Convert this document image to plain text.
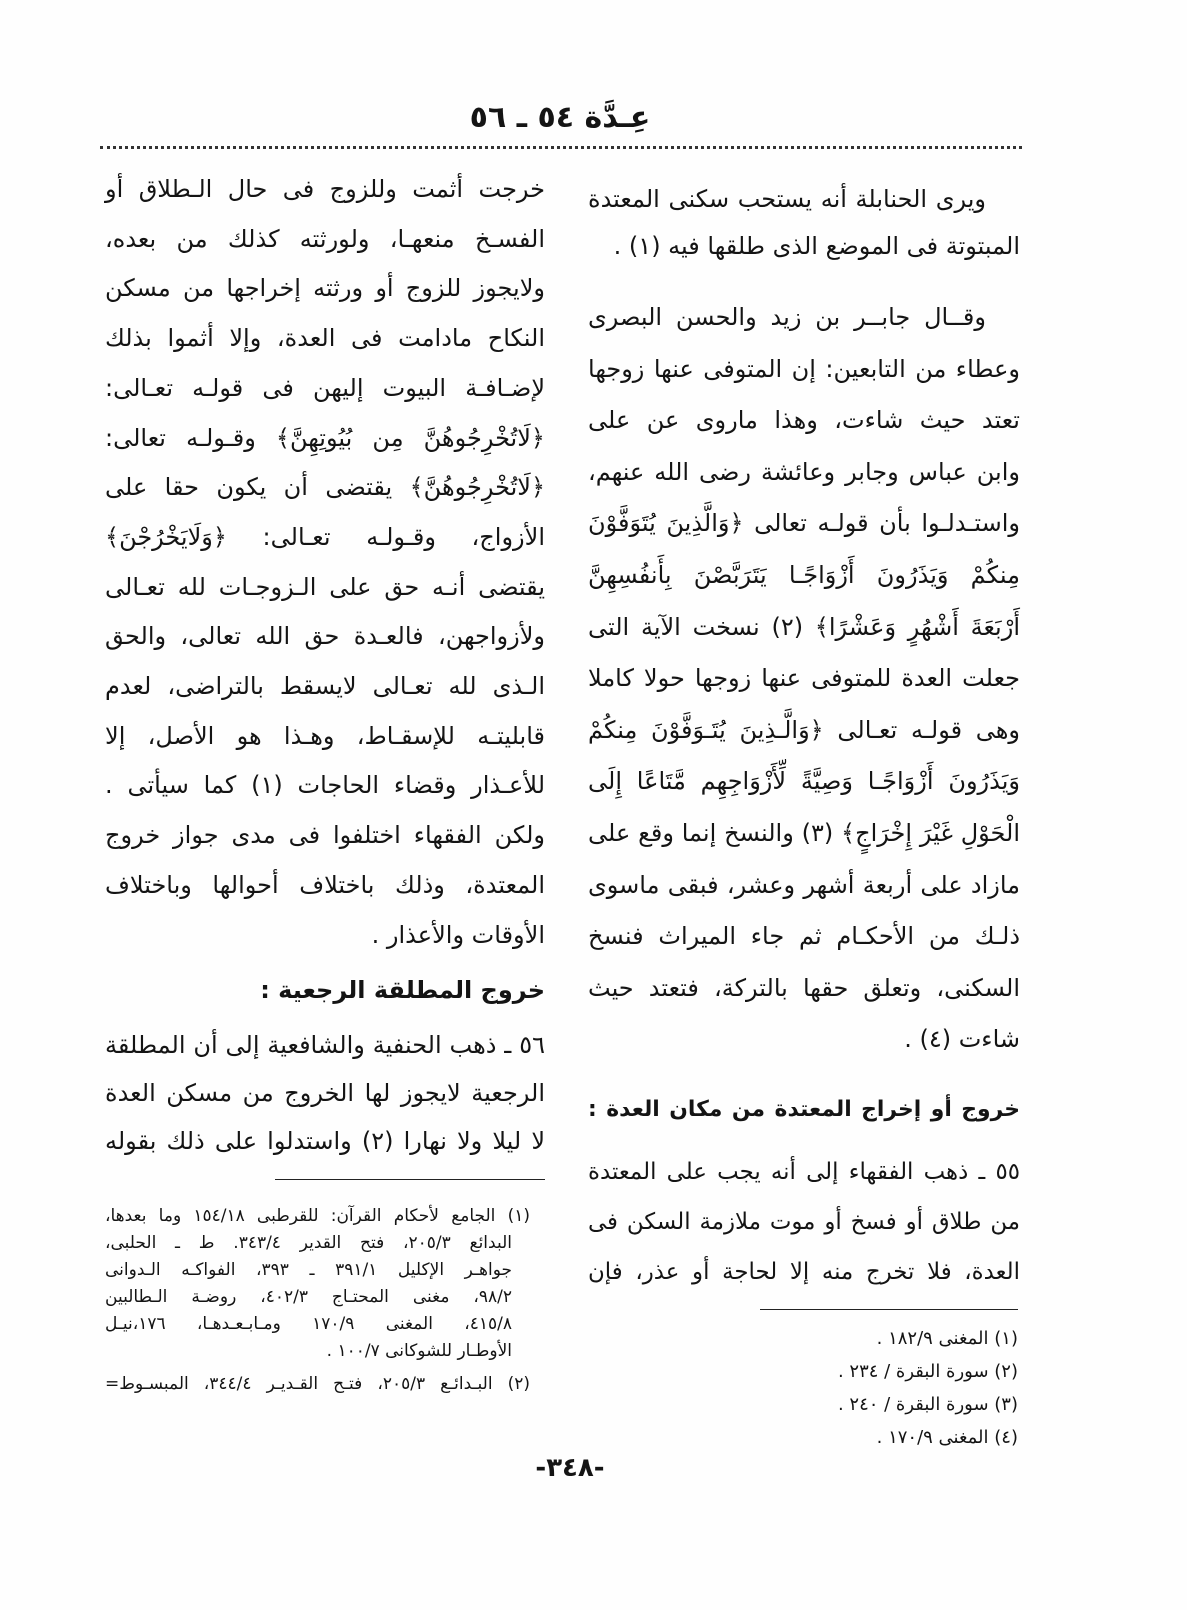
عِـدَّة ٥٤ ـ ٥٦
ويرى الحنابلة أنه يستحب سكنى المعتدة
المبتوتة فى الموضع الذى طلقها فيه (١) .
وقــال جابــر بن زيد والحسن البصرى
وعطاء من التابعين: إن المتوفى عنها زوجها
تعتد حيث شاءت، وهذا ماروى عن على
وابن عباس وجابر وعائشة رضى الله عنهم،
واستـدلـوا بأن قولـه تعالى ﴿وَالَّذِينَ يُتَوَفَّوْنَ
مِنكُمْ وَيَذَرُونَ أَزْوَاجًـا يَتَرَبَّصْنَ بِأَنفُسِهِنَّ
أَرْبَعَةَ أَشْهُرٍ وَعَشْرًا﴾ (٢) نسخت الآية التى
جعلت العدة للمتوفى عنها زوجها حولا كاملا
وهى قولـه تعـالى ﴿وَالَّـذِينَ يُتَـوَفَّوْنَ مِنكُمْ
وَيَذَرُونَ أَزْوَاجًـا وَصِيَّةً لِّأَزْوَاجِهِم مَّتَاعًا إِلَى
الْحَوْلِ غَيْرَ إِخْرَاجٍ﴾ (٣) والنسخ إنما وقع على
مازاد على أربعة أشهر وعشر، فبقى ماسوى
ذلـك من الأحكـام ثم جاء الميراث فنسخ
السكنى، وتعلق حقها بالتركة، فتعتد حيث
شاءت (٤) .
خروج أو إخراج المعتدة من مكان العدة :
٥٥ ـ ذهب الفقهاء إلى أنه يجب على المعتدة
من طلاق أو فسخ أو موت ملازمة السكن فى
العدة، فلا تخرج منه إلا لحاجة أو عذر، فإن
(١) المغنى ١٨٢/٩ .
(٢) سورة البقرة / ٢٣٤ .
(٣) سورة البقرة / ٢٤٠ .
(٤) المغنى ١٧٠/٩ .
خرجت أثمت وللزوج فى حال الـطلاق أو
الفسـخ منعهـا، ولورثته كذلك من بعده،
ولايجوز للزوج أو ورثته إخراجها من مسكن
النكاح مادامت فى العدة، وإلا أثموا بذلك
لإضـافـة البيوت إليهن فى قولـه تعـالى:
﴿لَاتُخْرِجُوهُنَّ مِن بُيُوتِهِنَّ﴾ وقـولـه تعالى:
﴿لَاتُخْرِجُوهُنَّ﴾ يقتضى أن يكون حقا على
الأزواج، وقـولـه تعـالى: ﴿وَلَايَخْرُجْنَ﴾
يقتضى أنـه حق على الـزوجـات لله تعـالى
ولأزواجهن، فالعـدة حق الله تعالى، والحق
الـذى لله تعـالى لايسقط بالتراضى، لعدم
قابليتـه للإسقـاط، وهـذا هو الأصل، إلا
للأعـذار وقضاء الحاجات (١) كما سيأتى .
ولكن الفقهاء اختلفوا فى مدى جواز خروج
المعتدة، وذلك باختلاف أحوالها وباختلاف
الأوقات والأعذار .
خروج المطلقة الرجعية :
٥٦ ـ ذهب الحنفية والشافعية إلى أن المطلقة
الرجعية لايجوز لها الخروج من مسكن العدة
لا ليلا ولا نهارا (٢) واستدلوا على ذلك بقوله
(١) الجامع لأحكام القرآن: للقرطبى ١٥٤/١٨ وما بعدها،
البدائع ٢٠٥/٣، فتح القدير ٣٤٣/٤. ط ـ الحلبى،
جواهـر الإكليل ٣٩١/١ ـ ٣٩٣، الفواكـه الـدوانى
٩٨/٢، مغنى المحتـاج ٤٠٢/٣، روضـة الـطالبين
٤١٥/٨، المغنى ١٧٠/٩ ومـابـعـدهـا، ١٧٦،نيـل
الأوطـار للشوكانى ١٠٠/٧ .
(٢) البـدائـع ٢٠٥/٣، فتـح القـديـر ٣٤٤/٤، المبسـوط=
-٣٤٨-
